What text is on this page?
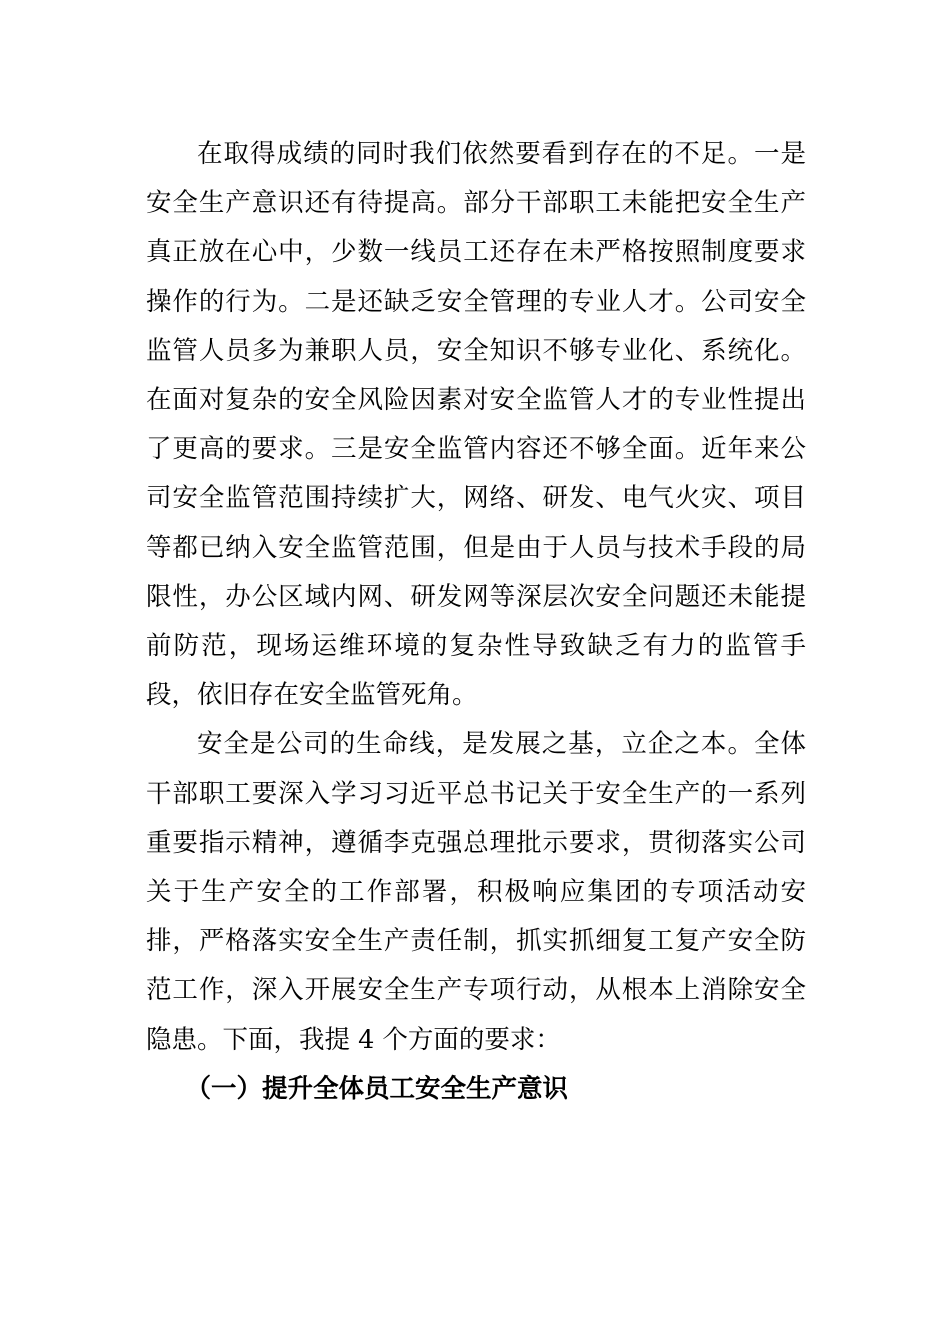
在取得成绩的同时我们依然要看到存在的不足。一是安全生产意识还有待提高。部分干部职工未能把安全生产真正放在心中，少数一线员工还存在未严格按照制度要求操作的行为。二是还缺乏安全管理的专业人才。公司安全监管人员多为兼职人员，安全知识不够专业化、系统化。在面对复杂的安全风险因素对安全监管人才的专业性提出了更高的要求。三是安全监管内容还不够全面。近年来公司安全监管范围持续扩大，网络、研发、电气火灾、项目等都已纳入安全监管范围，但是由于人员与技术手段的局限性，办公区域内网、研发网等深层次安全问题还未能提前防范，现场运维环境的复杂性导致缺乏有力的监管手段，依旧存在安全监管死角。

安全是公司的生命线，是发展之基，立企之本。全体干部职工要深入学习习近平总书记关于安全生产的一系列重要指示精神，遵循李克强总理批示要求，贯彻落实公司关于生产安全的工作部署，积极响应集团的专项活动安排，严格落实安全生产责任制，抓实抓细复工复产安全防范工作，深入开展安全生产专项行动，从根本上消除安全隐患。下面，我提 4 个方面的要求：

（一）提升全体员工安全生产意识
